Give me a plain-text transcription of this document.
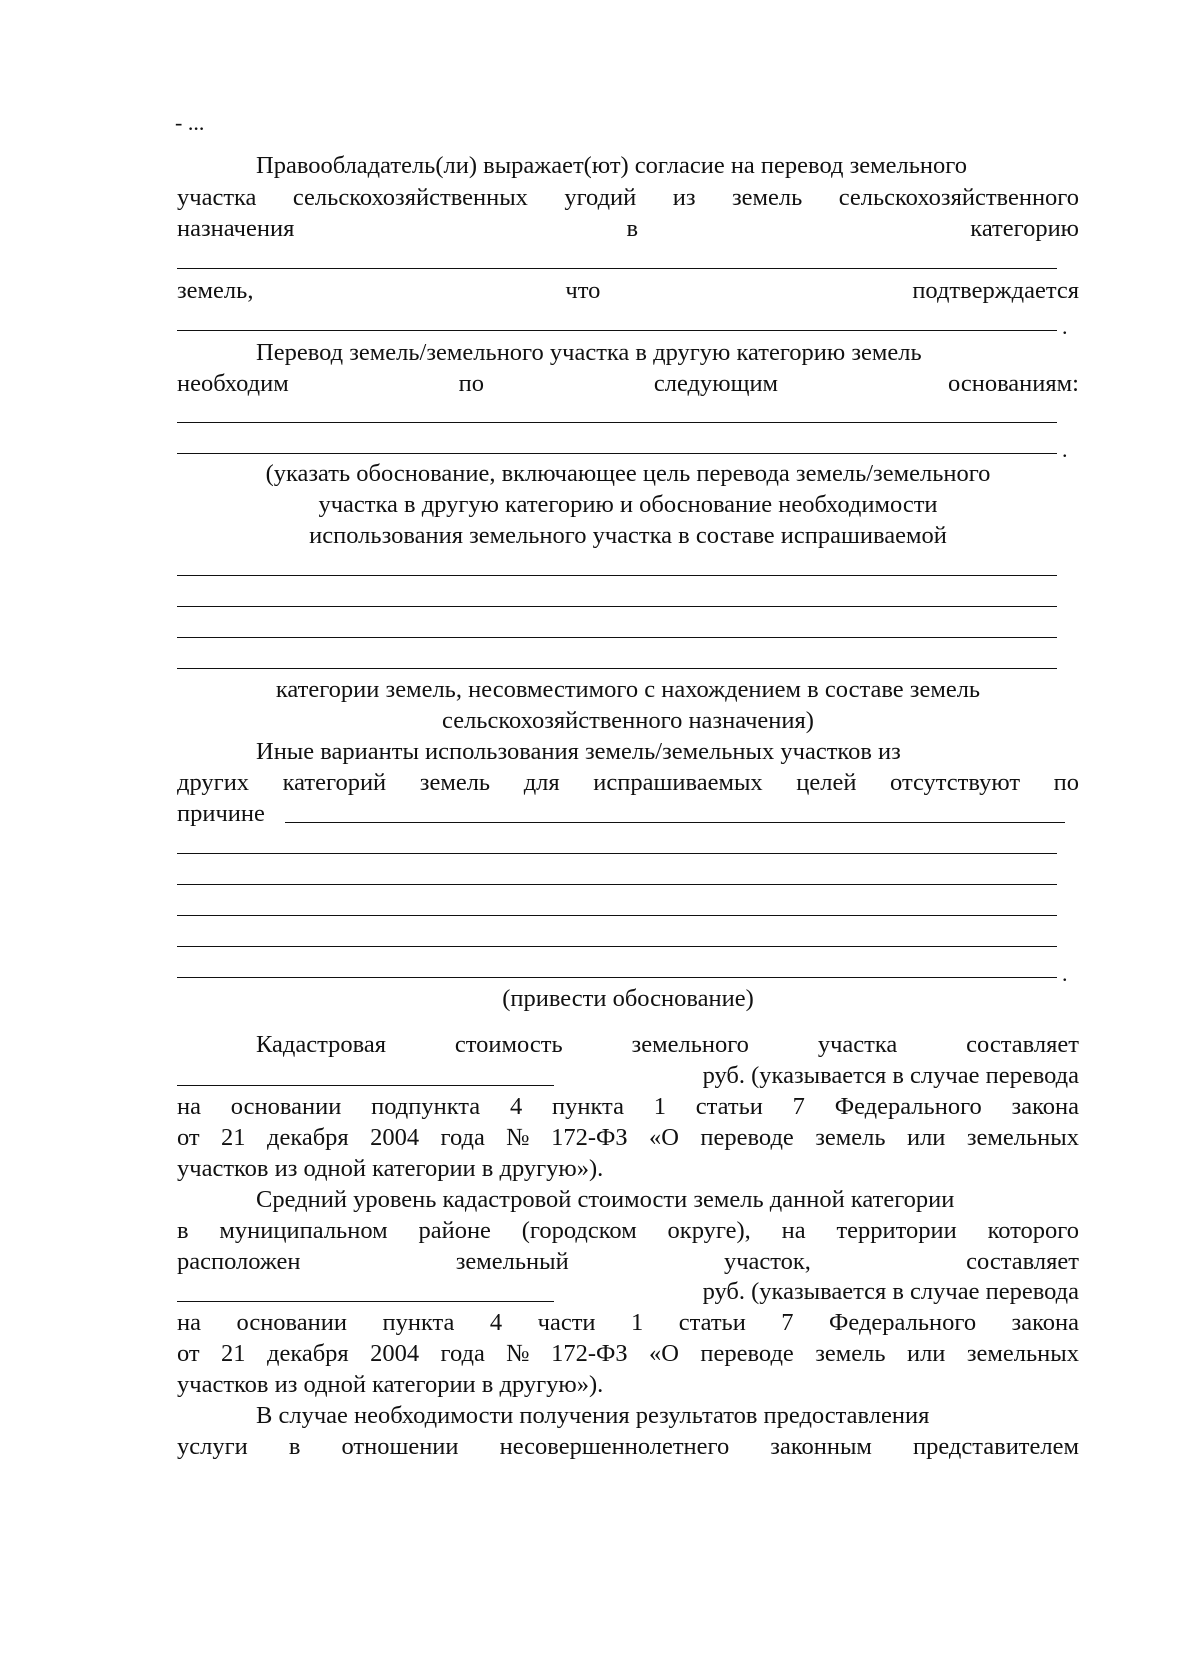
- ...
Правообладатель(ли) выражает(ют) согласие на перевод земельного
участка сельскохозяйственных угодий из земель сельскохозяйственного
назначения	в	категорию
земель,	что	подтверждается
.
Перевод земель/земельного участка в другую категорию земель
необходим	по	следующим	основаниям:
.
(указать обоснование, включающее цель перевода земель/земельного
участка в другую категорию и обоснование необходимости
использования земельного участка в составе испрашиваемой
категории земель, несовместимого с нахождением в составе земель
сельскохозяйственного назначения)
Иные варианты использования земель/земельных участков из
других категорий земель для испрашиваемых целей отсутствуют по
причине
.
(привести обоснование)
Кадастровая	стоимость	земельного	участка	составляет
руб. (указывается в случае перевода
на основании подпункта 4 пункта 1 статьи 7 Федерального закона
от 21 декабря 2004 года № 172-ФЗ «О переводе земель или земельных
участков из одной категории в другую»).
Средний уровень кадастровой стоимости земель данной категории
в муниципальном районе (городском округе), на территории которого
расположен	земельный	участок,	составляет
руб. (указывается в случае перевода
на основании пункта 4 части 1 статьи 7 Федерального закона
от 21 декабря 2004 года № 172-ФЗ «О переводе земель или земельных
участков из одной категории в другую»).
В случае необходимости получения результатов предоставления
услуги в отношении несовершеннолетнего законным представителем
